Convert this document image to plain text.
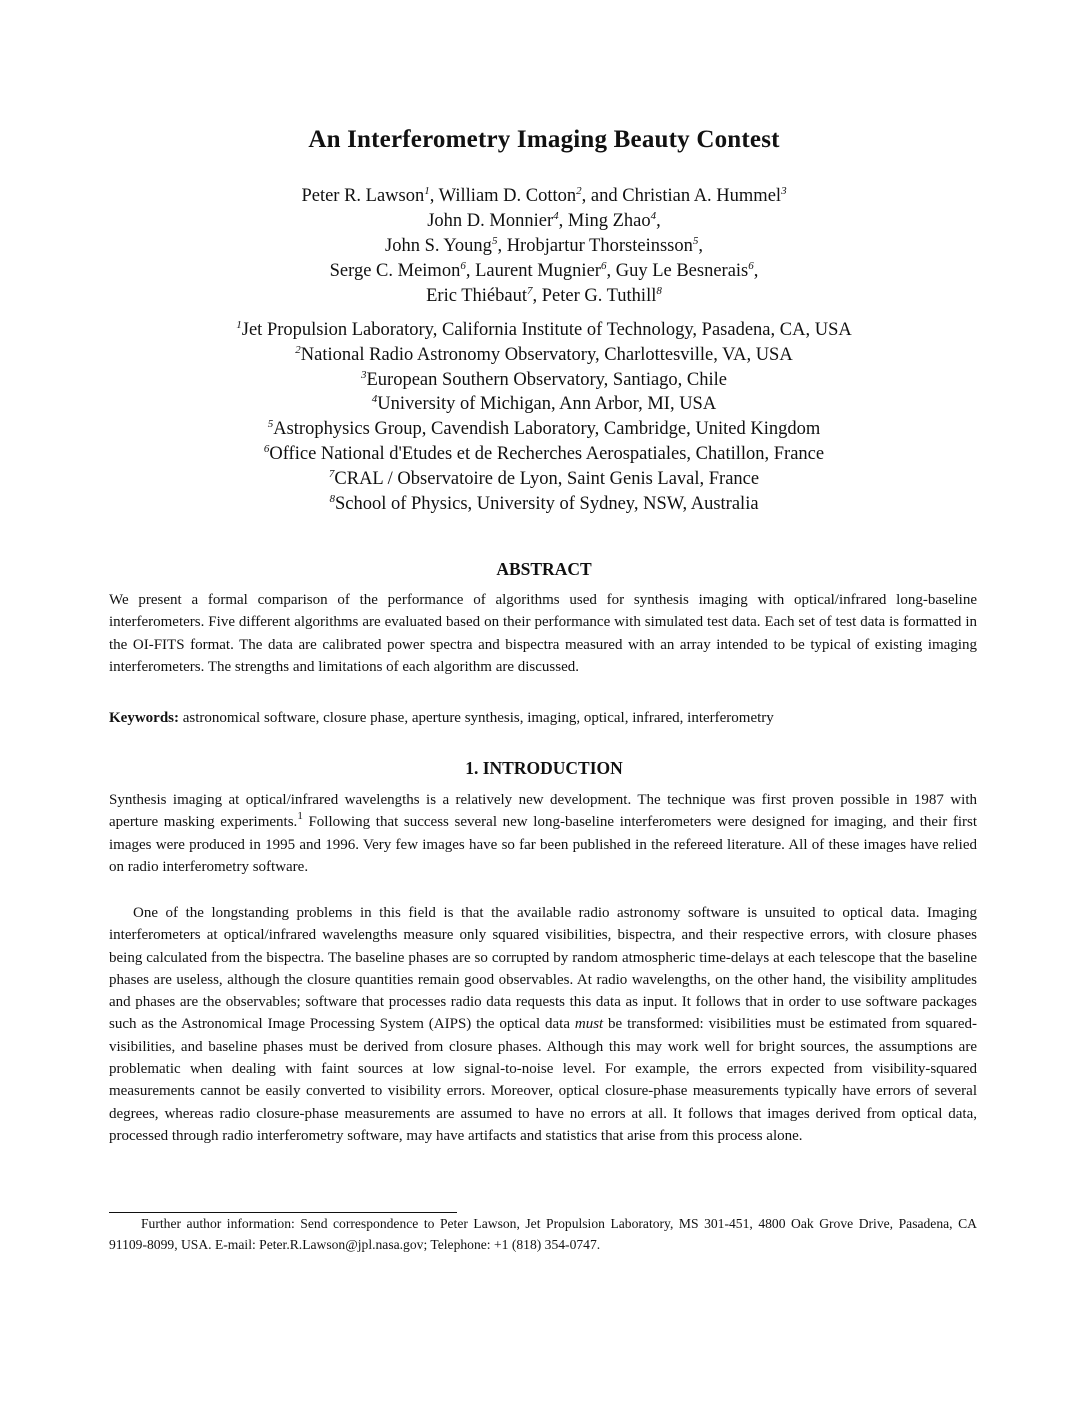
An Interferometry Imaging Beauty Contest
Peter R. Lawson$^1$, William D. Cotton$^2$, and Christian A. Hummel$^3$
John D. Monnier$^4$, Ming Zhao$^4$,
John S. Young$^5$, Hrobjartur Thorsteinsson$^5$,
Serge C. Meimon$^6$, Laurent Mugnier$^6$, Guy Le Besnerais$^6$,
Eric Thiébaut$^7$, Peter G. Tuthill$^8$
$^1$Jet Propulsion Laboratory, California Institute of Technology, Pasadena, CA, USA
$^2$National Radio Astronomy Observatory, Charlottesville, VA, USA
$^3$European Southern Observatory, Santiago, Chile
$^4$University of Michigan, Ann Arbor, MI, USA
$^5$Astrophysics Group, Cavendish Laboratory, Cambridge, United Kingdom
$^6$Office National d'Etudes et de Recherches Aerospatiales, Chatillon, France
$^7$CRAL / Observatoire de Lyon, Saint Genis Laval, France
$^8$School of Physics, University of Sydney, NSW, Australia
ABSTRACT
We present a formal comparison of the performance of algorithms used for synthesis imaging with optical/infrared long-baseline interferometers. Five different algorithms are evaluated based on their performance with simulated test data. Each set of test data is formatted in the OI-FITS format. The data are calibrated power spectra and bispectra measured with an array intended to be typical of existing imaging interferometers. The strengths and limitations of each algorithm are discussed.
Keywords: astronomical software, closure phase, aperture synthesis, imaging, optical, infrared, interferometry
1. INTRODUCTION
Synthesis imaging at optical/infrared wavelengths is a relatively new development. The technique was first proven possible in 1987 with aperture masking experiments.$^1$ Following that success several new long-baseline interferometers were designed for imaging, and their first images were produced in 1995 and 1996. Very few images have so far been published in the refereed literature. All of these images have relied on radio interferometry software.
One of the longstanding problems in this field is that the available radio astronomy software is unsuited to optical data. Imaging interferometers at optical/infrared wavelengths measure only squared visibilities, bispectra, and their respective errors, with closure phases being calculated from the bispectra. The baseline phases are so corrupted by random atmospheric time-delays at each telescope that the baseline phases are useless, although the closure quantities remain good observables. At radio wavelengths, on the other hand, the visibility amplitudes and phases are the observables; software that processes radio data requests this data as input. It follows that in order to use software packages such as the Astronomical Image Processing System (AIPS) the optical data must be transformed: visibilities must be estimated from squared-visibilities, and baseline phases must be derived from closure phases. Although this may work well for bright sources, the assumptions are problematic when dealing with faint sources at low signal-to-noise level. For example, the errors expected from visibility-squared measurements cannot be easily converted to visibility errors. Moreover, optical closure-phase measurements typically have errors of several degrees, whereas radio closure-phase measurements are assumed to have no errors at all. It follows that images derived from optical data, processed through radio interferometry software, may have artifacts and statistics that arise from this process alone.
Further author information: Send correspondence to Peter Lawson, Jet Propulsion Laboratory, MS 301-451, 4800 Oak Grove Drive, Pasadena, CA 91109-8099, USA. E-mail: Peter.R.Lawson@jpl.nasa.gov; Telephone: +1 (818) 354-0747.
